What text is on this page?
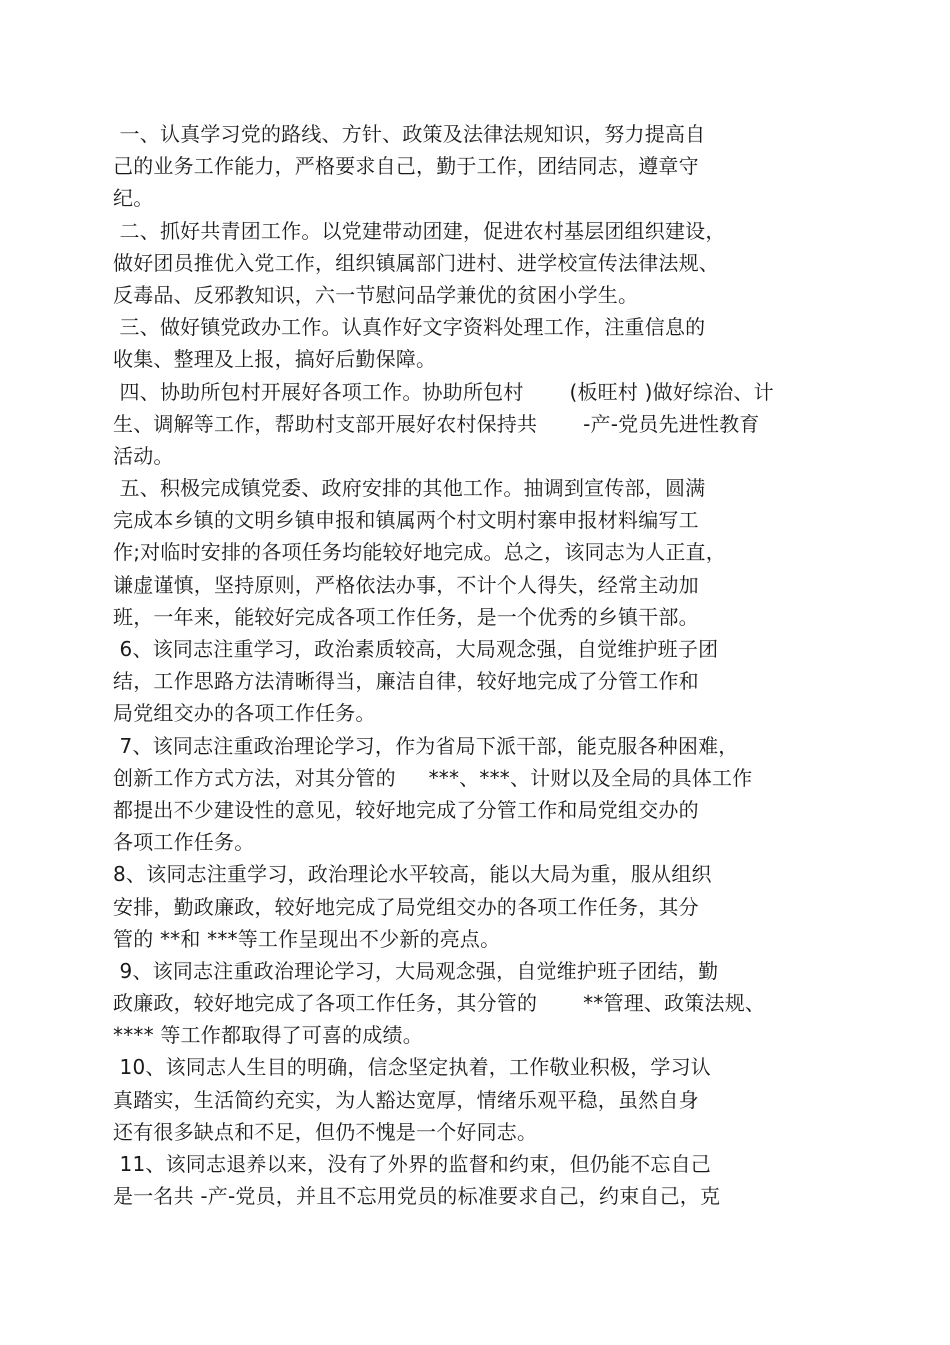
一、认真学习党的路线、方针、政策及法律法规知识，努力提高自
己的业务工作能力，严格要求自己，勤于工作，团结同志，遵章守
纪。
二、抓好共青团工作。以党建带动团建，促进农村基层团组织建设，
做好团员推优入党工作，组织镇属部门进村、进学校宣传法律法规、
反毒品、反邪教知识，六一节慰问品学兼优的贫困小学生。
三、做好镇党政办工作。认真作好文字资料处理工作，注重信息的
收集、整理及上报，搞好后勤保障。
四、协助所包村开展好各项工作。协助所包村       (板旺村 )做好综治、计
生、调解等工作，帮助村支部开展好农村保持共       -产-党员先进性教育
活动。
五、积极完成镇党委、政府安排的其他工作。抽调到宣传部，圆满
完成本乡镇的文明乡镇申报和镇属两个村文明村寨申报材料编写工
作;对临时安排的各项任务均能较好地完成。总之，该同志为人正直，
谦虚谨慎，坚持原则，严格依法办事，不计个人得失，经常主动加
班，一年来，能较好完成各项工作任务，是一个优秀的乡镇干部。
6、该同志注重学习，政治素质较高，大局观念强，自觉维护班子团
结，工作思路方法清晰得当，廉洁自律，较好地完成了分管工作和
局党组交办的各项工作任务。
7、该同志注重政治理论学习，作为省局下派干部，能克服各种困难，
创新工作方式方法，对其分管的     ***、***、计财以及全局的具体工作
都提出不少建设性的意见，较好地完成了分管工作和局党组交办的
各项工作任务。
8、该同志注重学习，政治理论水平较高，能以大局为重，服从组织
安排，勤政廉政，较好地完成了局党组交办的各项工作任务，其分
管的 **和 ***等工作呈现出不少新的亮点。
9、该同志注重政治理论学习，大局观念强，自觉维护班子团结，勤
政廉政，较好地完成了各项工作任务，其分管的       **管理、政策法规、
**** 等工作都取得了可喜的成绩。
10、该同志人生目的明确，信念坚定执着，工作敬业积极，学习认
真踏实，生活简约充实，为人豁达宽厚，情绪乐观平稳，虽然自身
还有很多缺点和不足，但仍不愧是一个好同志。
11、该同志退养以来，没有了外界的监督和约束，但仍能不忘自己
是一名共 -产-党员，并且不忘用党员的标准要求自己，约束自己，克
